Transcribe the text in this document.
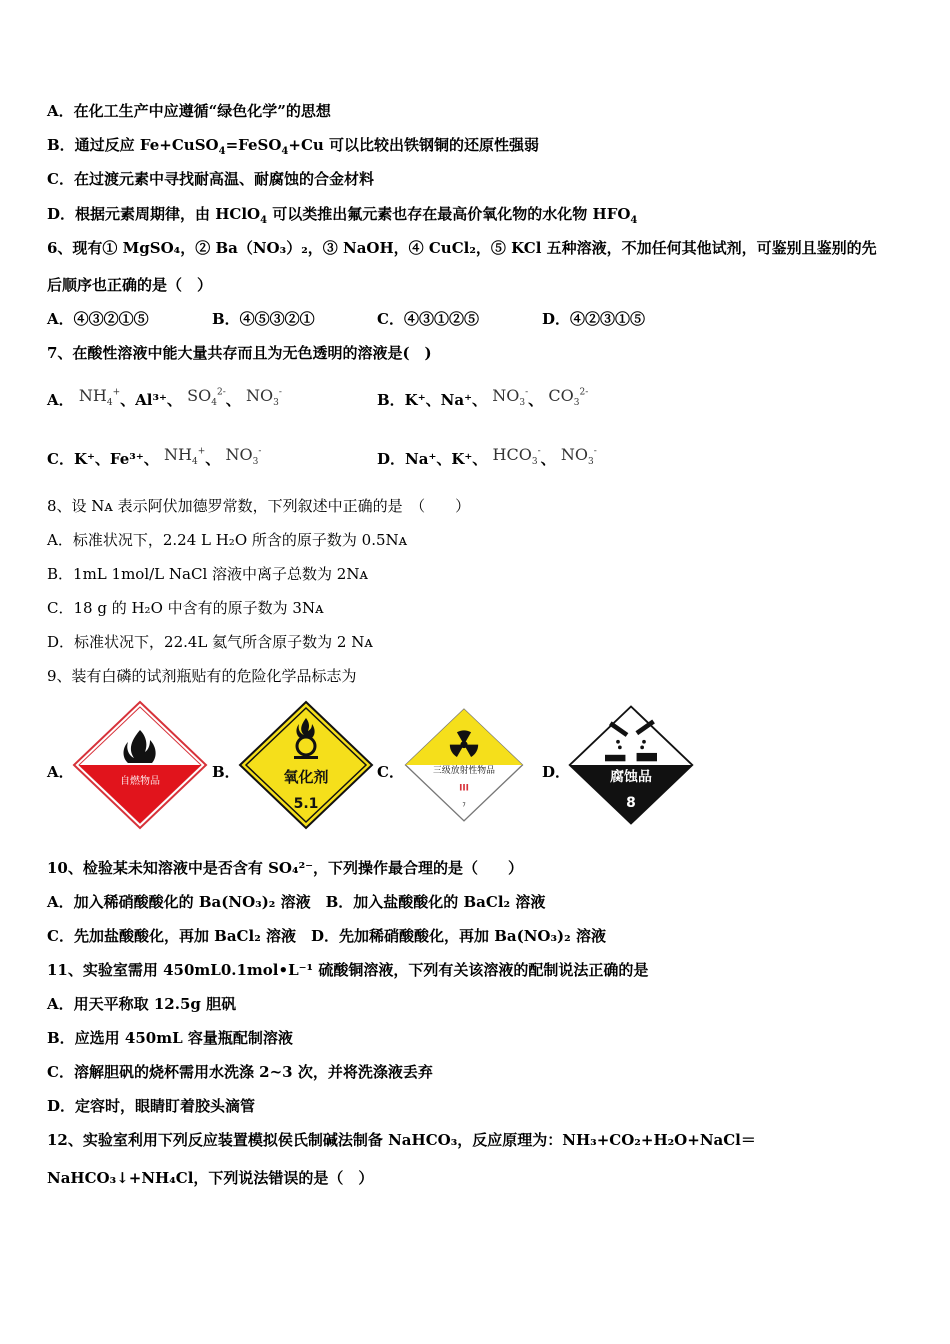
A．在化工生产中应遵循“绿色化学”的思想
B．通过反应 Fe+CuSO$_4$=FeSO$_4$+Cu 可以比较出铁钢铜的还原性强弱
C．在过渡元素中寻找耐高温、耐腐蚀的合金材料
D．根据元素周期律，由 HClO$_4$ 可以类推出氟元素也存在最高价氧化物的水化物 $HFO_4$
6、现有① MgSO₄，② Ba（NO₃）₂，③ NaOH，④ CuCl₂，⑤ KCl 五种溶液，不加任何其他试剂，可鉴别且鉴别的先
后顺序也正确的是（　）
A．④③②①⑤	B．④⑤③②①	C．④③①②⑤	D．④②③①⑤
7、在酸性溶液中能大量共存而且为无色透明的溶液是(　)
A． $NH_4^+$、Al³⁺、 $SO_4^{2-}$、 $NO_3^-$	B．K⁺、Na⁺、 $NO_3^-$、 $CO_3^{2-}$
C．K⁺、Fe³⁺、 $NH_4^+$、 $NO_3^-$	D．Na⁺、K⁺、 $HCO_3^-$、 $NO_3^-$
8、设 Nᴀ 表示阿伏加德罗常数，下列叙述中正确的是　（　　）
A．标准状况下，2.24 L H₂O 所含的原子数为 0.5Nᴀ
B．1mL 1mol/L NaCl 溶液中离子总数为 2Nᴀ
C．18 g 的 H₂O 中含有的原子数为 3Nᴀ
D．标准状况下，22.4L 氦气所含原子数为 2 Nᴀ
9、装有白磷的试剂瓶贴有的危险化学品标志为
A．
自燃物品
B．	氧化剂
5.1
C．	三级放射性物品
III
7
D．	腐蚀品
8
10、检验某未知溶液中是否含有 SO₄²⁻，下列操作最合理的是（　　）
A．加入稀硝酸酸化的 Ba(NO₃)₂ 溶液　B．加入盐酸酸化的 BaCl₂ 溶液
C．先加盐酸酸化，再加 BaCl₂ 溶液　D．先加稀硝酸酸化，再加 Ba(NO₃)₂ 溶液
11、实验室需用 450mL0.1mol•L⁻¹ 硫酸铜溶液，下列有关该溶液的配制说法正确的是
A．用天平称取 12.5g 胆矾
B．应选用 450mL 容量瓶配制溶液
C．溶解胆矾的烧杯需用水洗涤 2~3 次，并将洗涤液丢弃
D．定容时，眼睛盯着胶头滴管
12、实验室利用下列反应装置模拟侯氏制碱法制备 NaHCO₃，反应原理为：NH₃+CO₂+H₂O+NaCl＝
NaHCO₃↓+NH₄Cl，下列说法错误的是（　）
